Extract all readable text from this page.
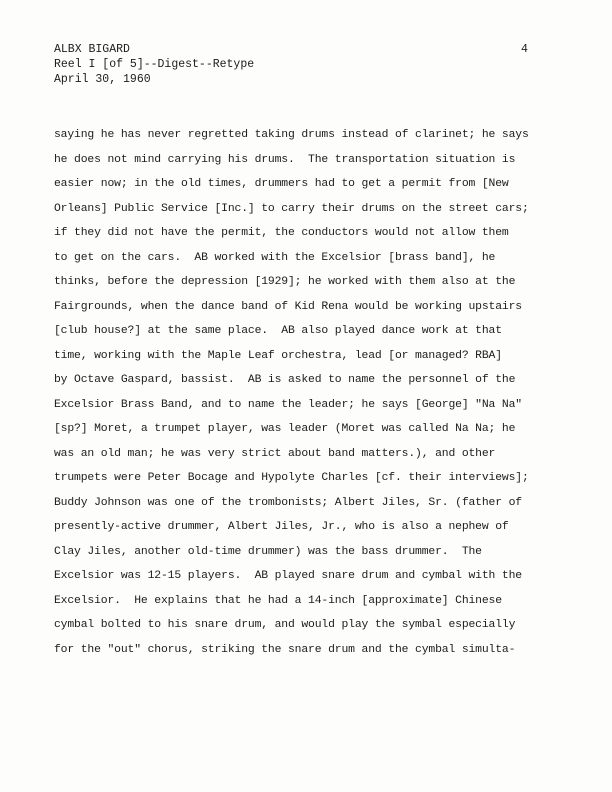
ALBX BIGARD
Reel I [of 5]--Digest--Retype
April 30, 1960
4
saying he has never regretted taking drums instead of clarinet; he says
he does not mind carrying his drums.  The transportation situation is
easier now; in the old times, drummers had to get a permit from [New
Orleans] Public Service [Inc.] to carry their drums on the street cars;
if they did not have the permit, the conductors would not allow them
to get on the cars.  AB worked with the Excelsior [brass band], he
thinks, before the depression [1929]; he worked with them also at the
Fairgrounds, when the dance band of Kid Rena would be working upstairs
[club house?] at the same place.  AB also played dance work at that
time, working with the Maple Leaf orchestra, lead [or managed? RBA]
by Octave Gaspard, bassist.  AB is asked to name the personnel of the
Excelsior Brass Band, and to name the leader; he says [George] "Na Na"
[sp?] Moret, a trumpet player, was leader (Moret was called Na Na; he
was an old man; he was very strict about band matters.), and other
trumpets were Peter Bocage and Hypolyte Charles [cf. their interviews];
Buddy Johnson was one of the trombonists; Albert Jiles, Sr. (father of
presently-active drummer, Albert Jiles, Jr., who is also a nephew of
Clay Jiles, another old-time drummer) was the bass drummer.  The
Excelsior was 12-15 players.  AB played snare drum and cymbal with the
Excelsior.  He explains that he had a 14-inch [approximate] Chinese
cymbal bolted to his snare drum, and would play the symbal especially
for the "out" chorus, striking the snare drum and the cymbal simulta-
